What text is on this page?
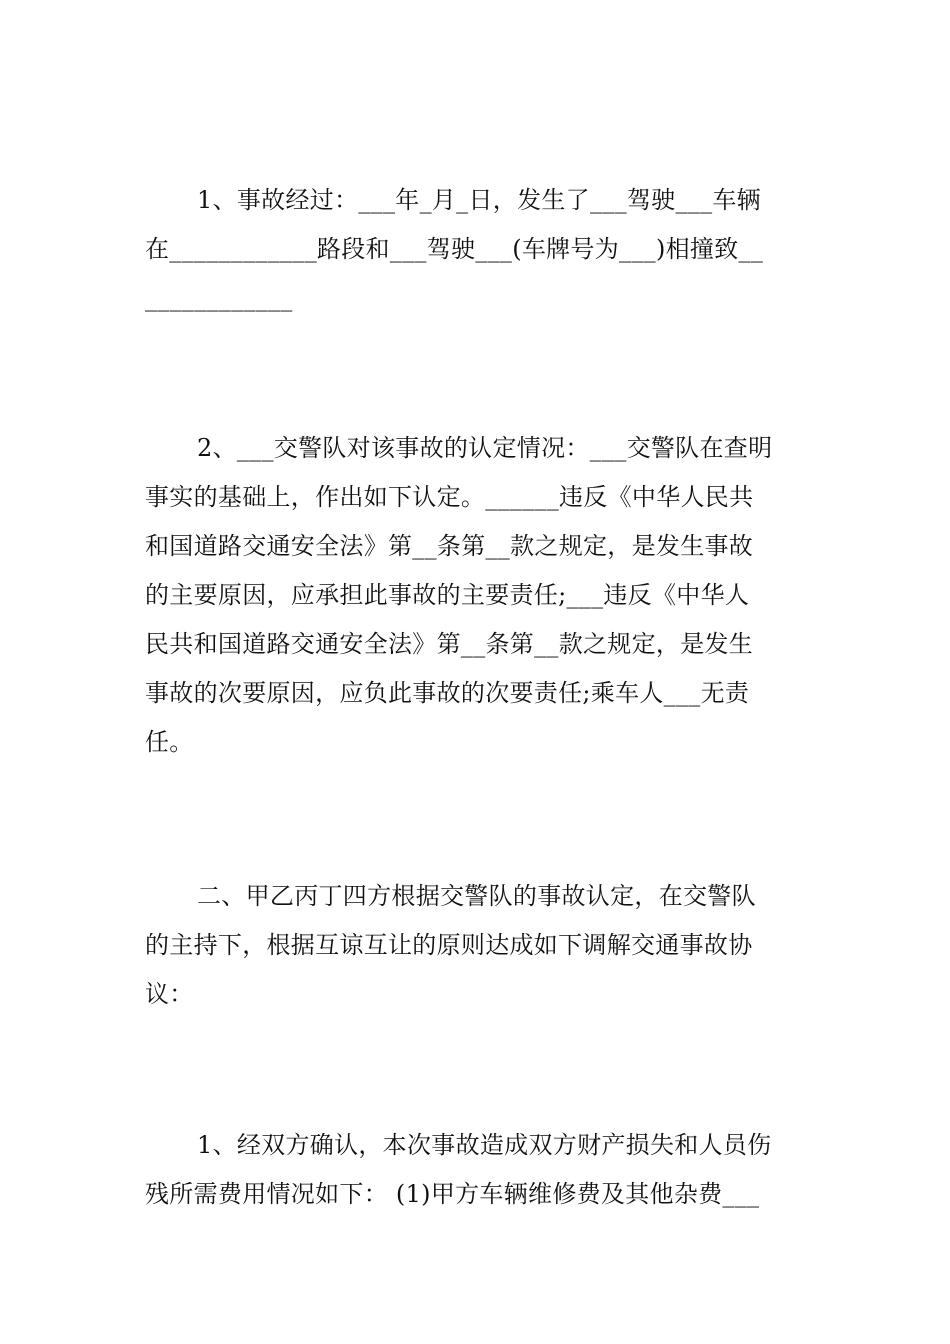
1、事故经过：___年_月_日，发生了___驾驶___车辆
在____________路段和___驾驶___(车牌号为___)相撞致__
____________
2、___交警队对该事故的认定情况：___交警队在查明
事实的基础上，作出如下认定。______违反《中华人民共
和国道路交通安全法》第__条第__款之规定，是发生事故
的主要原因，应承担此事故的主要责任;___违反《中华人
民共和国道路交通安全法》第__条第__款之规定，是发生
事故的次要原因，应负此事故的次要责任;乘车人___无责
任。
二、甲乙丙丁四方根据交警队的事故认定，在交警队
的主持下，根据互谅互让的原则达成如下调解交通事故协
议：
1、经双方确认，本次事故造成双方财产损失和人员伤
残所需费用情况如下： (1)甲方车辆维修费及其他杂费___
